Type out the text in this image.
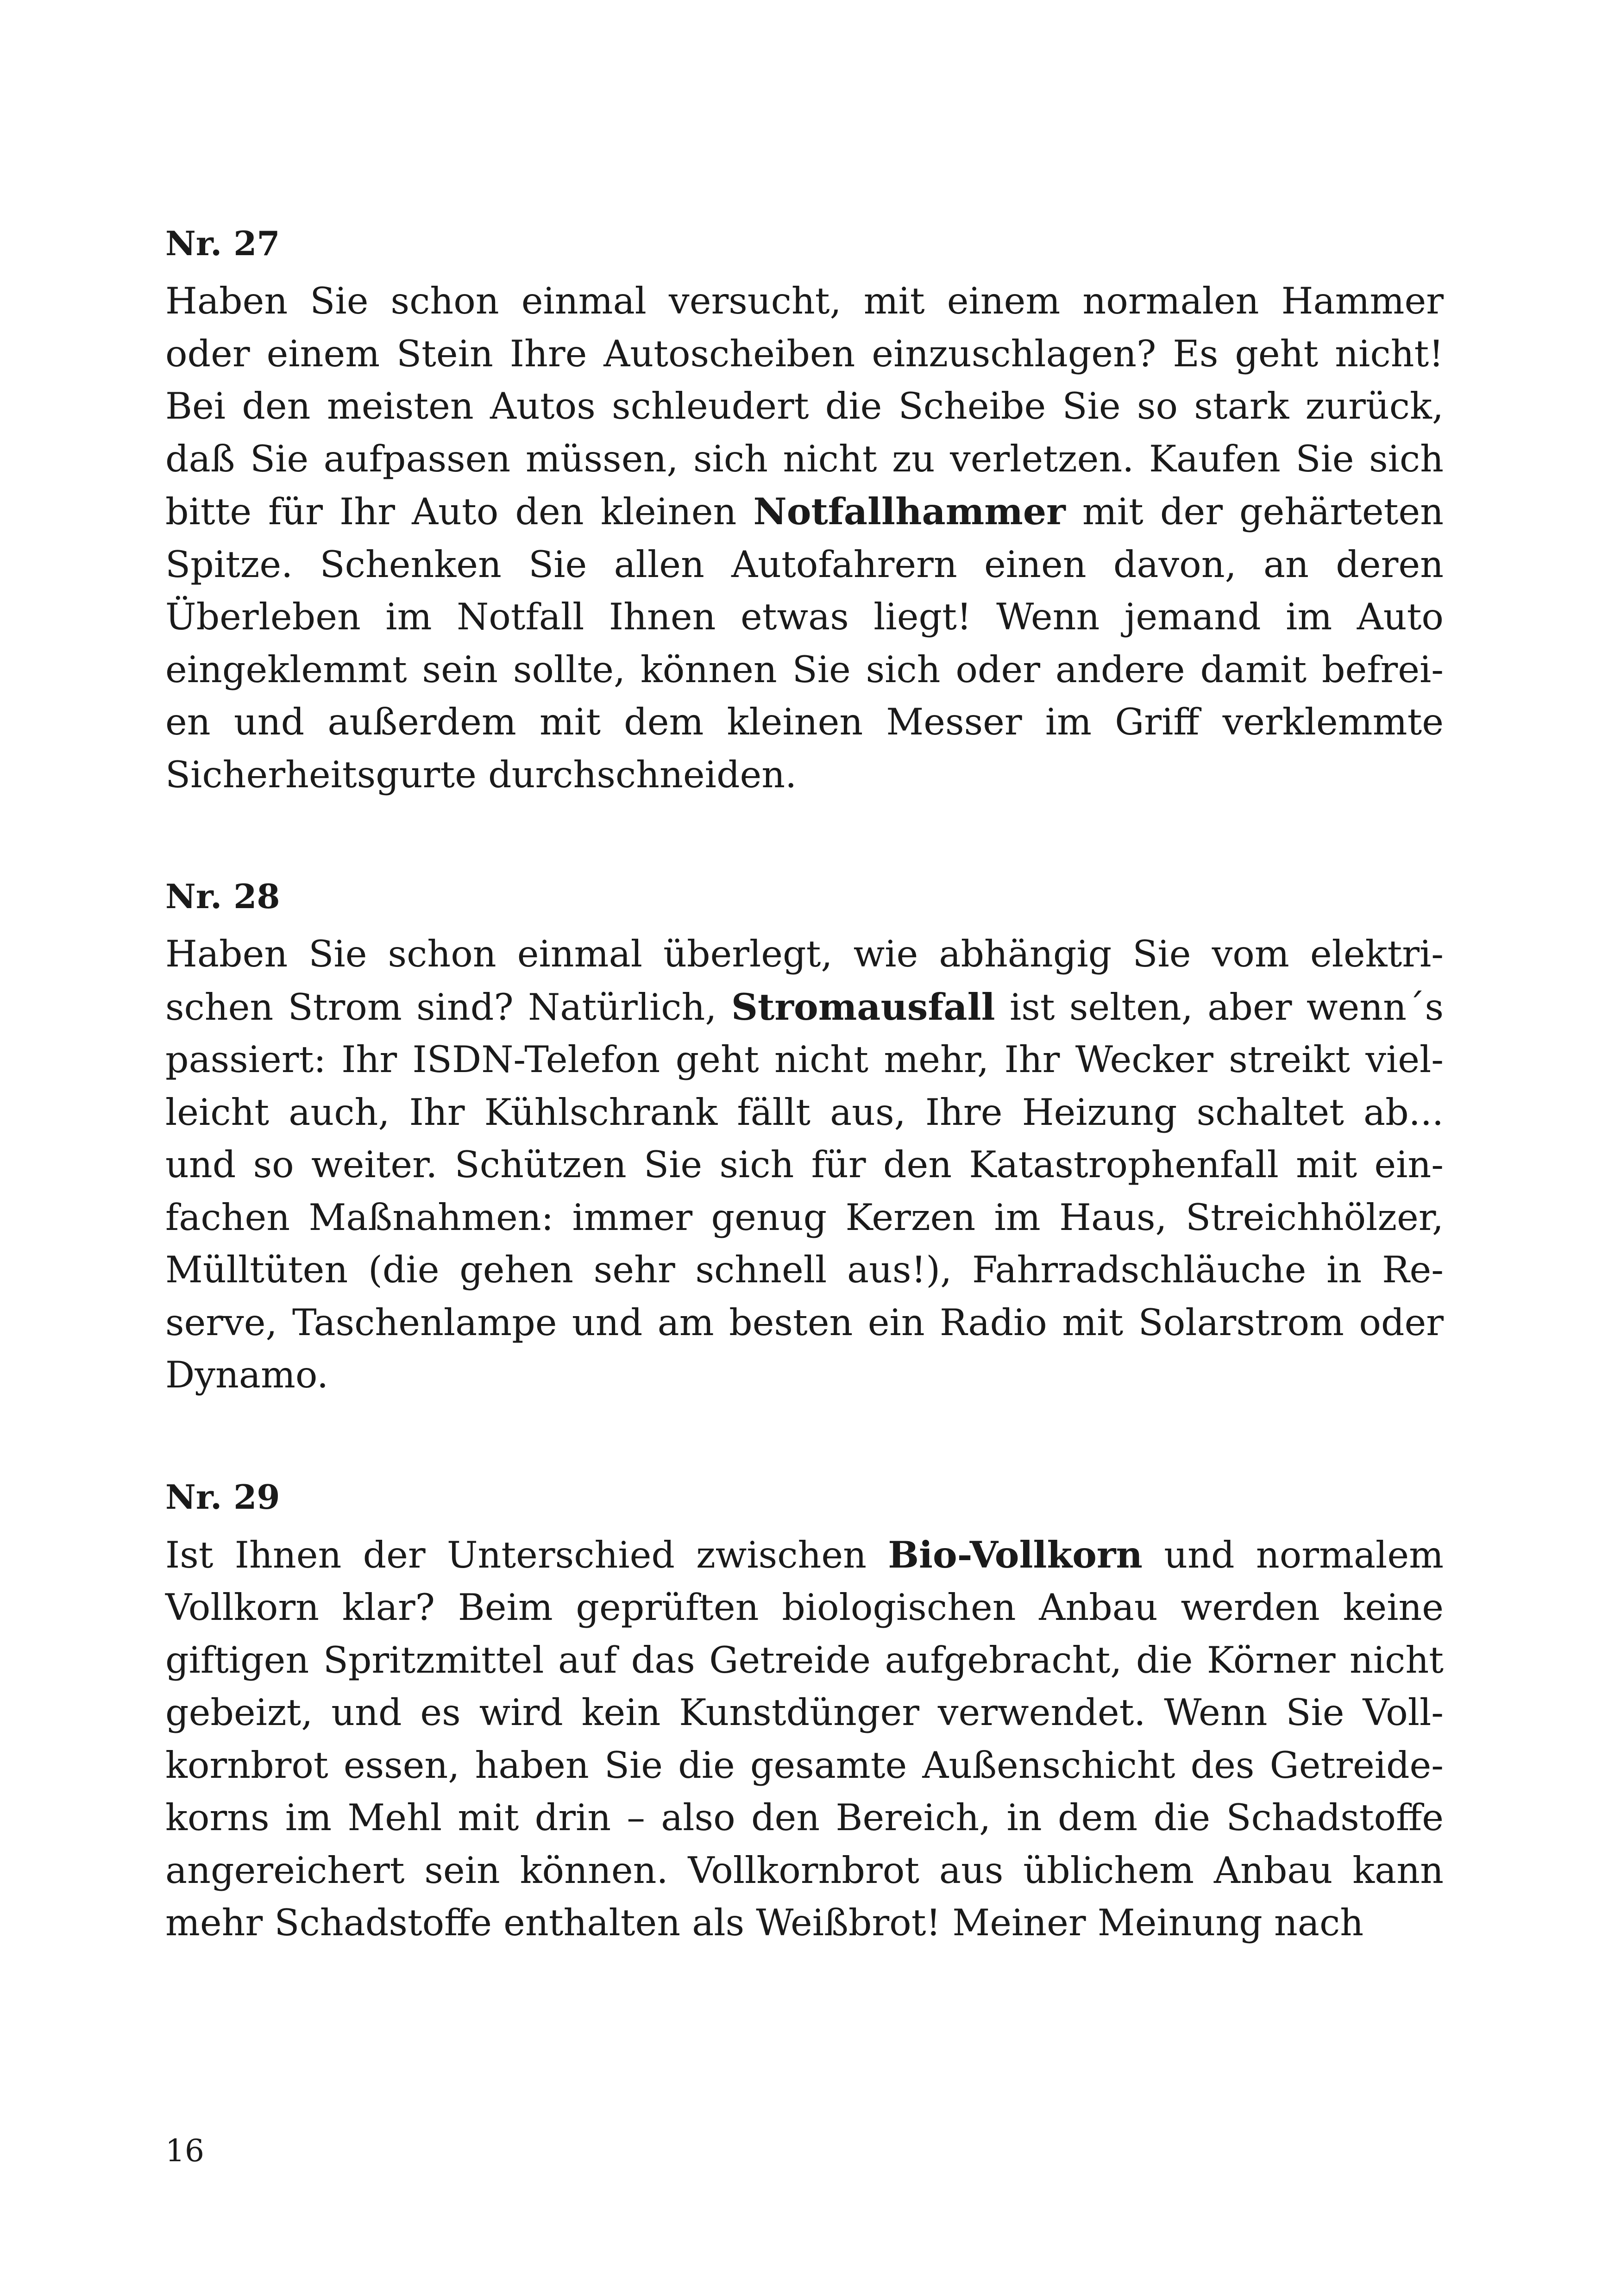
Nr. 27

Haben Sie schon einmal versucht, mit einem normalen Hammer oder einem Stein Ihre Autoscheiben einzuschlagen? Es geht nicht! Bei den meisten Autos schleudert die Scheibe Sie so stark zurück, daß Sie aufpassen müssen, sich nicht zu verletzen. Kaufen Sie sich bitte für Ihr Auto den kleinen Notfallhammer mit der gehärteten Spitze. Schenken Sie allen Autofahrern einen davon, an deren Überleben im Notfall Ihnen etwas liegt! Wenn jemand im Auto eingeklemmt sein sollte, können Sie sich oder andere damit befreien und außerdem mit dem kleinen Messer im Griff verklemmte Sicherheitsgurte durchschneiden.

Nr. 28

Haben Sie schon einmal überlegt, wie abhängig Sie vom elektrischen Strom sind? Natürlich, Stromausfall ist selten, aber wenn´s passiert: Ihr ISDN-Telefon geht nicht mehr, Ihr Wecker streikt vielleicht auch, Ihr Kühlschrank fällt aus, Ihre Heizung schaltet ab... und so weiter. Schützen Sie sich für den Katastrophenfall mit einfachen Maßnahmen: immer genug Kerzen im Haus, Streichhölzer, Mülltüten (die gehen sehr schnell aus!), Fahrradschläuche in Reserve, Taschenlampe und am besten ein Radio mit Solarstrom oder Dynamo.

Nr. 29

Ist Ihnen der Unterschied zwischen Bio-Vollkorn und normalem Vollkorn klar? Beim geprüften biologischen Anbau werden keine giftigen Spritzmittel auf das Getreide aufgebracht, die Körner nicht gebeizt, und es wird kein Kunstdünger verwendet. Wenn Sie Vollkornbrot essen, haben Sie die gesamte Außenschicht des Getreidekorns im Mehl mit drin – also den Bereich, in dem die Schadstoffe angereichert sein können. Vollkornbrot aus üblichem Anbau kann mehr Schadstoffe enthalten als Weißbrot! Meiner Meinung nach

16
